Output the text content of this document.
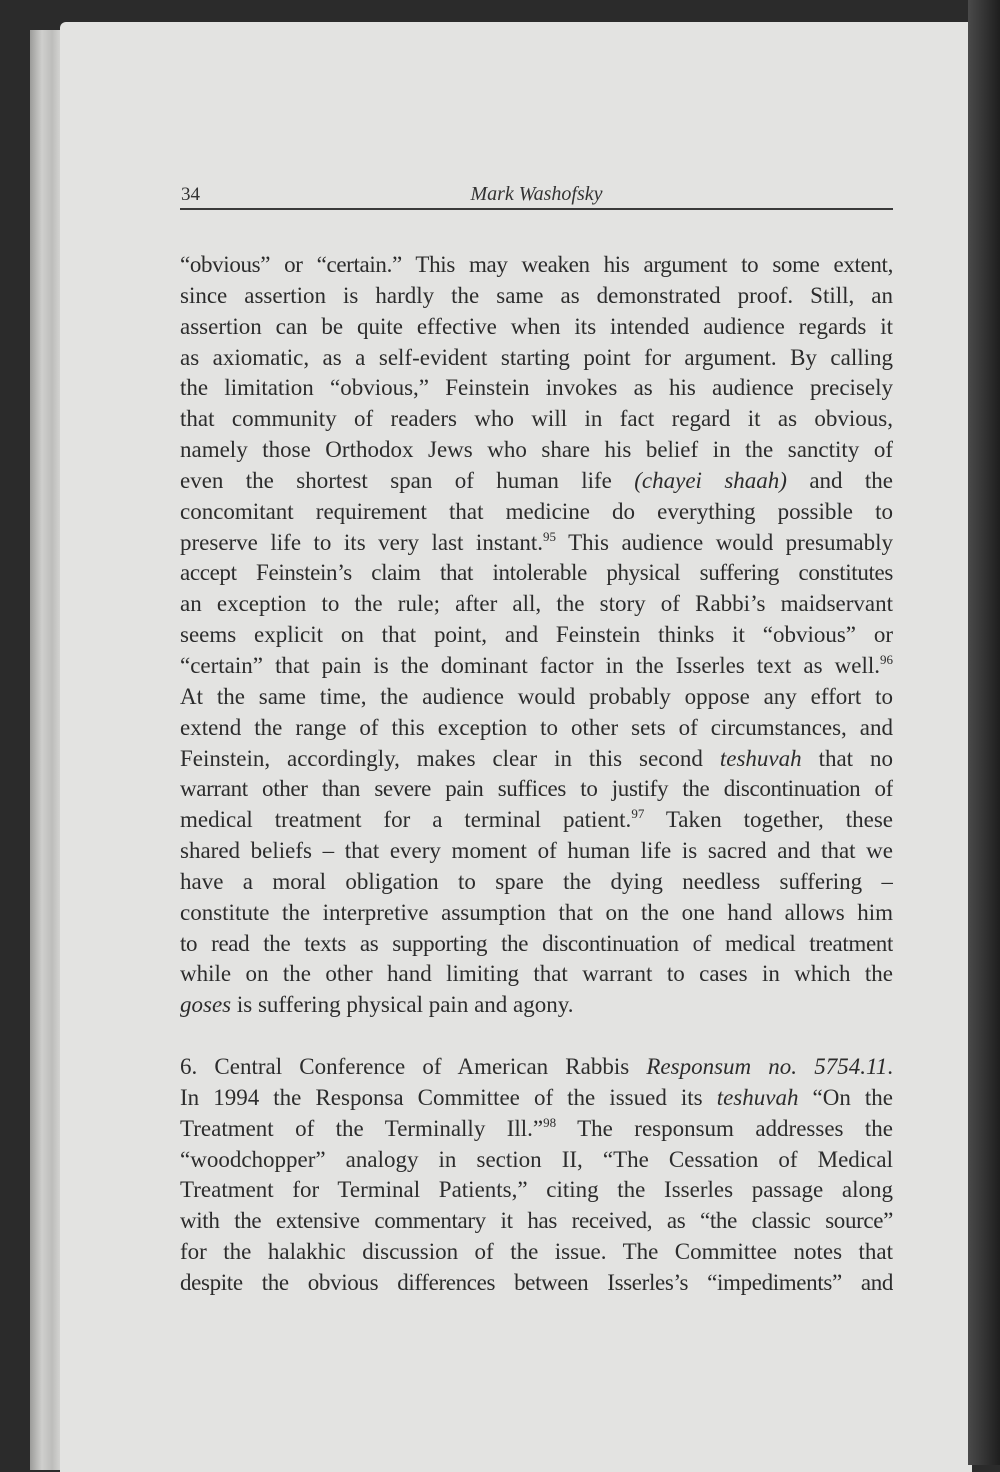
34	Mark Washofsky
“obvious” or “certain.” This may weaken his argument to some extent,
since assertion is hardly the same as demonstrated proof. Still, an
assertion can be quite effective when its intended audience regards it
as axiomatic, as a self-evident starting point for argument. By calling
the limitation “obvious,” Feinstein invokes as his audience precisely
that community of readers who will in fact regard it as obvious,
namely those Orthodox Jews who share his belief in the sanctity of
even the shortest span of human life (chayei shaah) and the
concomitant requirement that medicine do everything possible to
preserve life to its very last instant.$^{95}$ This audience would presumably
accept Feinstein’s claim that intolerable physical suffering constitutes
an exception to the rule; after all, the story of Rabbi’s maidservant
seems explicit on that point, and Feinstein thinks it “obvious” or
“certain” that pain is the dominant factor in the Isserles text as well.$^{96}$
At the same time, the audience would probably oppose any effort to
extend the range of this exception to other sets of circumstances, and
Feinstein, accordingly, makes clear in this second teshuvah that no
warrant other than severe pain suffices to justify the discontinuation of
medical treatment for a terminal patient.$^{97}$ Taken together, these
shared beliefs – that every moment of human life is sacred and that we
have a moral obligation to spare the dying needless suffering –
constitute the interpretive assumption that on the one hand allows him
to read the texts as supporting the discontinuation of medical treatment
while on the other hand limiting that warrant to cases in which the
goses is suffering physical pain and agony.
6. Central Conference of American Rabbis Responsum no. 5754.11.
In 1994 the Responsa Committee of the issued its teshuvah “On the
Treatment of the Terminally Ill.”$^{98}$ The responsum addresses the
“woodchopper” analogy in section II, “The Cessation of Medical
Treatment for Terminal Patients,” citing the Isserles passage along
with the extensive commentary it has received, as “the classic source”
for the halakhic discussion of the issue. The Committee notes that
despite the obvious differences between Isserles’s “impediments” and
